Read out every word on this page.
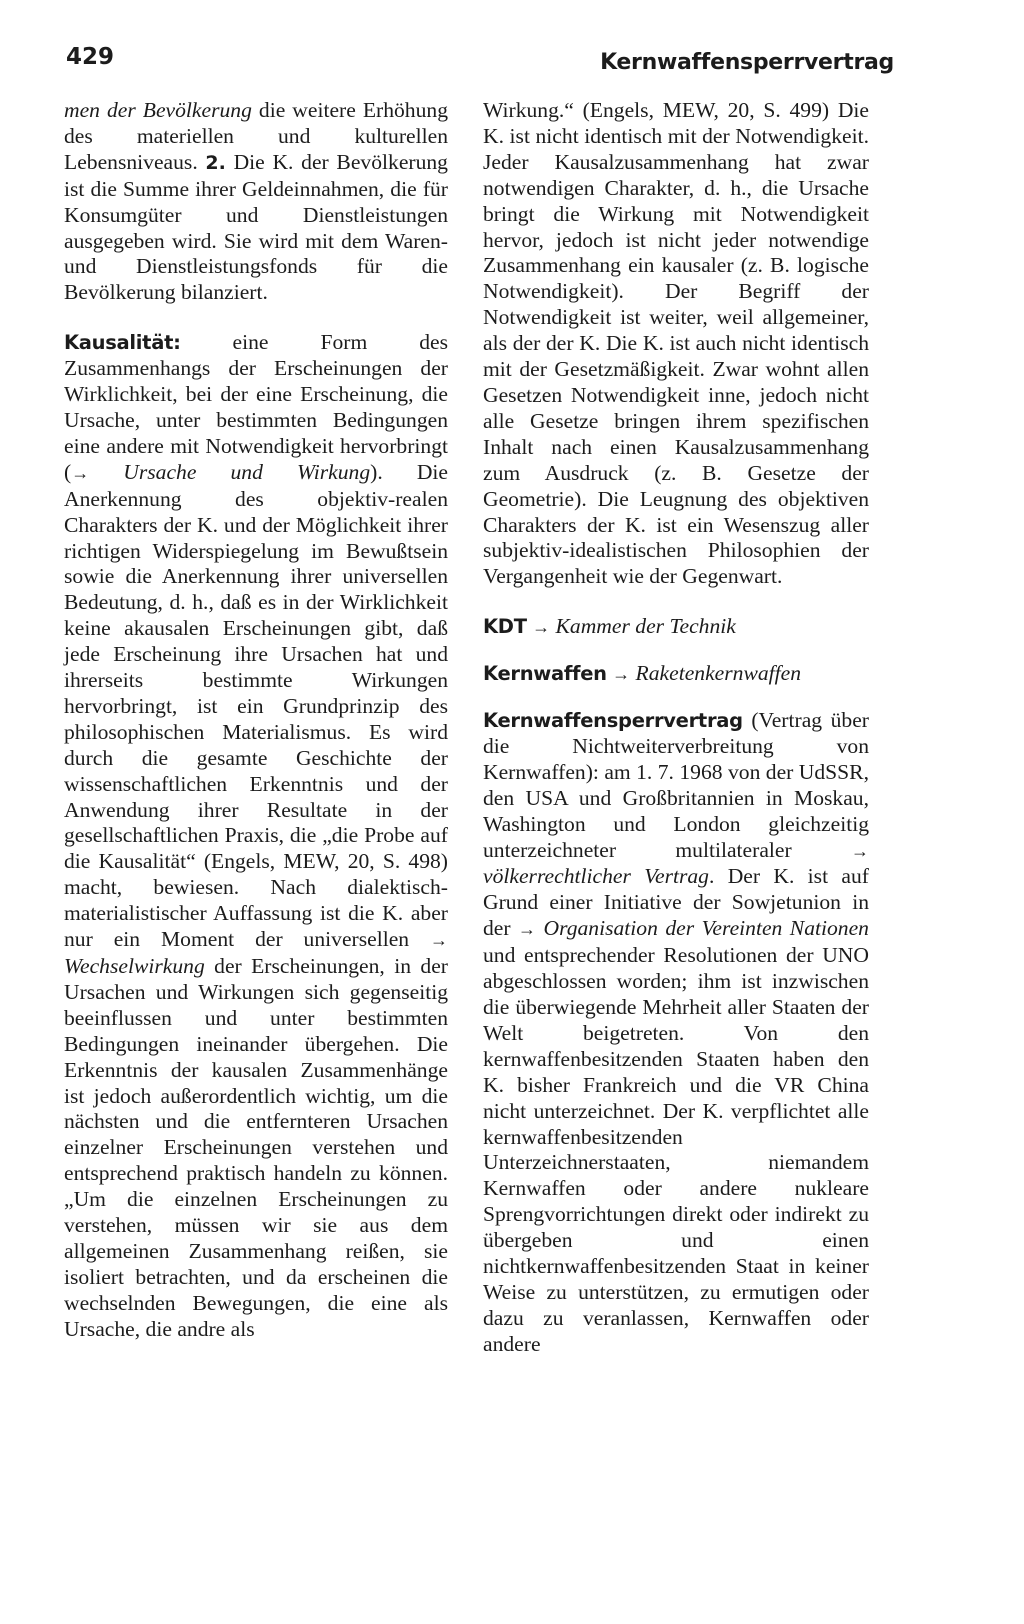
429	Kernwaffensperrvertrag

men der Bevölkerung die weitere Erhöhung des materiellen und kulturellen Lebensniveaus. 2. Die K. der Bevölkerung ist die Summe ihrer Geldeinnahmen, die für Konsumgüter und Dienstleistungen ausgegeben wird. Sie wird mit dem Waren- und Dienstleistungsfonds für die Bevölkerung bilanziert.

Kausalität: eine Form des Zusammenhangs der Erscheinungen der Wirklichkeit, bei der eine Erscheinung, die Ursache, unter bestimmten Bedingungen eine andere mit Notwendigkeit hervorbringt (→ Ursache und Wirkung). Die Anerkennung des objektiv-realen Charakters der K. und der Möglichkeit ihrer richtigen Widerspiegelung im Bewußtsein sowie die Anerkennung ihrer universellen Bedeutung, d. h., daß es in der Wirklichkeit keine akausalen Erscheinungen gibt, daß jede Erscheinung ihre Ursachen hat und ihrerseits bestimmte Wirkungen hervorbringt, ist ein Grundprinzip des philosophischen Materialismus. Es wird durch die gesamte Geschichte der wissenschaftlichen Erkenntnis und der Anwendung ihrer Resultate in der gesellschaftlichen Praxis, die „die Probe auf die Kausalität“ (Engels, MEW, 20, S. 498) macht, bewiesen. Nach dialektisch-materialistischer Auffassung ist die K. aber nur ein Moment der universellen → Wechselwirkung der Erscheinungen, in der Ursachen und Wirkungen sich gegenseitig beeinflussen und unter bestimmten Bedingungen ineinander übergehen. Die Erkenntnis der kausalen Zusammenhänge ist jedoch außerordentlich wichtig, um die nächsten und die entfernteren Ursachen einzelner Erscheinungen verstehen und entsprechend praktisch handeln zu können. „Um die einzelnen Erscheinungen zu verstehen, müssen wir sie aus dem allgemeinen Zusammenhang reißen, sie isoliert betrachten, und da erscheinen die wechselnden Bewegungen, die eine als Ursache, die andre als

Wirkung.“ (Engels, MEW, 20, S. 499) Die K. ist nicht identisch mit der Notwendigkeit. Jeder Kausalzusammenhang hat zwar notwendigen Charakter, d. h., die Ursache bringt die Wirkung mit Notwendigkeit hervor, jedoch ist nicht jeder notwendige Zusammenhang ein kausaler (z. B. logische Notwendigkeit). Der Begriff der Notwendigkeit ist weiter, weil allgemeiner, als der der K. Die K. ist auch nicht identisch mit der Gesetzmäßigkeit. Zwar wohnt allen Gesetzen Notwendigkeit inne, jedoch nicht alle Gesetze bringen ihrem spezifischen Inhalt nach einen Kausalzusammenhang zum Ausdruck (z. B. Gesetze der Geometrie). Die Leugnung des objektiven Charakters der K. ist ein Wesenszug aller subjektiv-idealistischen Philosophien der Vergangenheit wie der Gegenwart.

KDT → Kammer der Technik

Kernwaffen → Raketenkernwaffen

Kernwaffensperrvertrag (Vertrag über die Nichtweiterverbreitung von Kernwaffen): am 1. 7. 1968 von der UdSSR, den USA und Großbritannien in Moskau, Washington und London gleichzeitig unterzeichneter multilateraler → völkerrechtlicher Vertrag. Der K. ist auf Grund einer Initiative der Sowjetunion in der → Organisation der Vereinten Nationen und entsprechender Resolutionen der UNO abgeschlossen worden; ihm ist inzwischen die überwiegende Mehrheit aller Staaten der Welt beigetreten. Von den kernwaffenbesitzenden Staaten haben den K. bisher Frankreich und die VR China nicht unterzeichnet. Der K. verpflichtet alle kernwaffenbesitzenden Unterzeichnerstaaten, niemandem Kernwaffen oder andere nukleare Sprengvorrichtungen direkt oder indirekt zu übergeben und einen nichtkernwaffenbesitzenden Staat in keiner Weise zu unterstützen, zu ermutigen oder dazu zu veranlassen, Kernwaffen oder andere
